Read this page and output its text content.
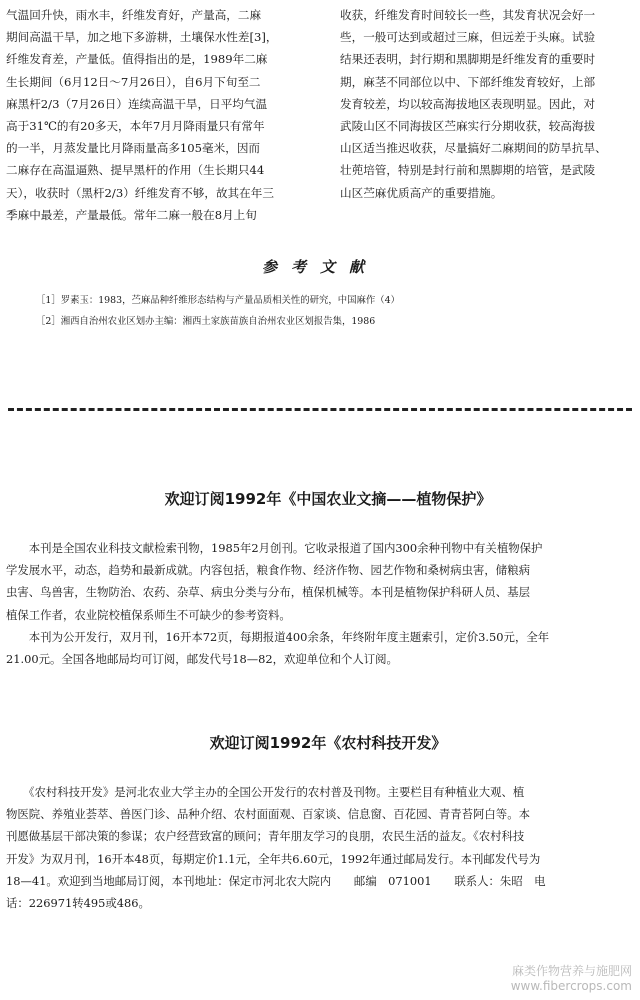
气温回升快，雨水丰，纤维发育好，产量高，二麻
期间高温干旱，加之地下多游耕，土壤保水性差[3]，
纤维发育差，产量低。值得指出的是，1989年二麻
生长期间（6月12日～7月26日），自6月下旬至二
麻黑杆2/3（7月26日）连续高温干旱，日平均气温
高于31℃的有20多天，本年7月月降雨量只有常年
的一半，月蒸发量比月降雨量高多105毫米，因而
二麻存在高温逼熟、提早黑杆的作用（生长期只44
天），收获时（黑杆2/3）纤维发育不够，故其在年三
季麻中最差，产量最低。常年二麻一般在8月上旬
收获，纤维发育时间较长一些，其发育状况会好一
些，一般可达到或超过三麻，但远差于头麻。试验
结果还表明，封行期和黑脚期是纤维发育的重要时
期，麻茎不同部位以中、下部纤维发育较好，上部
发育较差，均以较高海拔地区表现明显。因此，对
武陵山区不同海拔区苎麻实行分期收获，较高海拔
山区适当推迟收获，尽量搞好二麻期间的防旱抗旱、
壮蔸培管，特别是封行前和黑脚期的培管，是武陵
山区苎麻优质高产的重要措施。
参考文献
［1］罗素玉：1983，苎麻品种纤维形态结构与产量品质相关性的研究，中国麻作（4）
［2］湘西自治州农业区划办主编：湘西土家族苗族自治州农业区划报告集，1986
欢迎订阅1992年《中国农业文摘——植物保护》
　　本刊是全国农业科技文献检索刊物，1985年2月创刊。它收录报道了国内300余种刊物中有关植物保护
学发展水平，动态，趋势和最新成就。内容包括，粮食作物、经济作物、园艺作物和桑树病虫害，储粮病
虫害、鸟兽害，生物防治、农药、杂草、病虫分类与分布，植保机械等。本刊是植物保护科研人员、基层
植保工作者，农业院校植保系师生不可缺少的参考资料。
　　本刊为公开发行，双月刊，16开本72页，每期报道400余条，年终附年度主题索引，定价3.50元，全年
21.00元。全国各地邮局均可订阅，邮发代号18—82，欢迎单位和个人订阅。
欢迎订阅1992年《农村科技开发》
　　《农村科技开发》是河北农业大学主办的全国公开发行的农村普及刊物。主要栏目有种植业大观、植
物医院、养殖业荟萃、兽医门诊、品种介绍、农村面面观、百家谈、信息窗、百花园、青青苔阿白等。本
刊愿做基层干部决策的参谋；农户经营致富的顾问；青年朋友学习的良朋，农民生活的益友。《农村科技
开发》为双月刊，16开本48页，每期定价1.1元，全年共6.60元，1992年通过邮局发行。本刊邮发代号为
18—41。欢迎到当地邮局订阅，本刊地址：保定市河北农大院内　　邮编　071001　　联系人：朱昭　电
话：226971转495或486。
麻类作物营养与施肥网
www.fibercrops.com
